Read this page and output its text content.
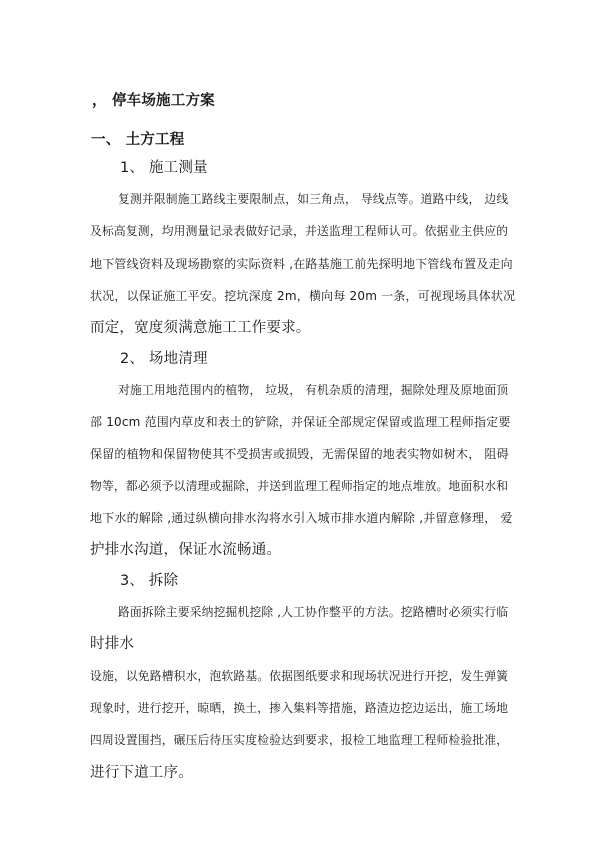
， 停车场施工方案
一、 土方工程
1、 施工测量
复测并限制施工路线主要限制点，如三角点， 导线点等。道路中线， 边线
及标高复测，均用测量记录表做好记录，并送监理工程师认可。依据业主供应的
地下管线资料及现场勘察的实际资料 ,在路基施工前先探明地下管线布置及走向
状况，以保证施工平安。挖坑深度 2m，横向每 20m 一条，可视现场具体状况
而定，宽度须满意施工工作要求。
2、 场地清理
对施工用地范围内的植物， 垃圾， 有机杂质的清理，掘除处理及原地面顶
部 10cm 范围内草皮和表土的铲除，并保证全部规定保留或监理工程师指定要
保留的植物和保留物使其不受损害或损毁，无需保留的地表实物如树木， 阻碍
物等，都必须予以清理或掘除，并送到监理工程师指定的地点堆放。地面积水和
地下水的解除 ,通过纵横向排水沟将水引入城市排水道内解除 ,并留意修理， 爱
护排水沟道，保证水流畅通。
3、 拆除
路面拆除主要采纳挖掘机挖除 ,人工协作整平的方法。挖路槽时必须实行临
时排水
设施，以免路槽积水，泡软路基。依据图纸要求和现场状况进行开挖，发生弹簧
现象时，进行挖开，晾晒，换土，掺入集料等措施，路渣边挖边运出，施工场地
四周设置围挡，碾压后待压实度检验达到要求，报检工地监理工程师检验批准，
进行下道工序。
